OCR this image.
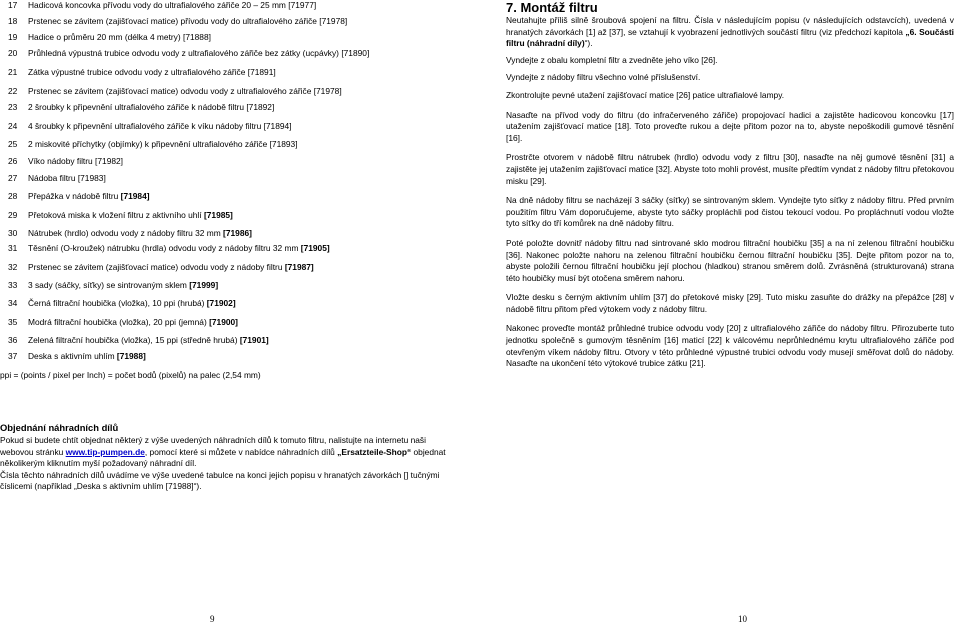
17 Hadicová koncovka přívodu vody do ultrafialového zářiče 20 – 25 mm [71977]
18 Prstenec se závitem (zajišťovací matice) přívodu vody do ultrafialového zářiče [71978]
19 Hadice o průměru 20 mm (délka 4 metry) [71888]
20 Průhledná výpustná trubice odvodu vody z ultrafialového zářiče bez zátky (ucpávky) [71890]
21 Zátka výpustné trubice odvodu vody z ultrafialového zářiče [71891]
22 Prstenec se závitem (zajišťovací matice) odvodu vody z ultrafialového zářiče [71978]
23 2 šroubky k připevnění ultrafialového zářiče k nádobě filtru [71892]
24 4 šroubky k připevnění ultrafialového zářiče k víku nádoby filtru [71894]
25 2 miskovité příchytky (objímky) k připevnění ultrafialového zářiče [71893]
26 Víko nádoby filtru [71982]
27 Nádoba filtru [71983]
28 Přepážka v nádobě filtru [71984]
29 Přetoková miska k vložení filtru z aktivního uhlí [71985]
30 Nátrubek (hrdlo) odvodu vody z nádoby filtru 32 mm [71986]
31 Těsnění (O-kroužek) nátrubku (hrdla) odvodu vody z nádoby filtru 32 mm [71905]
32 Prstenec se závitem (zajišťovací matice) odvodu vody z nádoby filtru [71987]
33 3 sady (sáčky, síťky) se sintrovaným sklem [71999]
34 Černá filtrační houbička (vložka), 10 ppi (hrubá) [71902]
35 Modrá filtrační houbička (vložka), 20 ppi (jemná) [71900]
36 Zelená filtrační houbička (vložka), 15 ppi (středně hrubá) [71901]
37 Deska s aktivním uhlím [71988]
ppi = (points / pixel per Inch) = počet bodů (pixelů) na palec (2,54 mm)
Objednání náhradních dílů

Pokud si budete chtít objednat některý z výše uvedených náhradních dílů k tomuto filtru, nalistujte na internetu naši webovou stránku www.tip-pumpen.de, pomocí které si můžete v nabídce náhradních dílů „Ersatzteile-Shop“ objednat několikerým kliknutím myší požadovaný náhradní díl.

Čísla těchto náhradních dílů uvádíme ve výše uvedené tabulce na konci jejich popisu v hranatých závorkách [] tučnými číslicemi (například „Deska s aktivním uhlím [71988]“).

7. Montáž filtru

Neutahujte příliš silně šroubová spojení na filtru. Čísla v následujícím popisu (v následujících odstavcích), uvedená v hranatých závorkách [1] až [37], se vztahují k vyobrazení jednotlivých součástí filtru (viz předchozí kapitola „6. Součásti filtru (náhradní díly)“).

Vyndejte z obalu kompletní filtr a zvedněte jeho víko [26].

Vyndejte z nádoby filtru všechno volné příslušenství.

Zkontrolujte pevné utažení zajišťovací matice [26] patice ultrafialové lampy.

Nasaďte na přívod vody do filtru (do infračerveného zářiče) propojovací hadici a zajistěte hadicovou koncovku [17] utažením zajišťovací matice [18]. Toto proveďte rukou a dejte přitom pozor na to, abyste nepoškodili gumové těsnění [16].

Prostrčte otvorem v nádobě filtru nátrubek (hrdlo) odvodu vody z filtru [30], nasaďte na něj gumové těsnění [31] a zajistěte jej utažením zajišťovací matice [32]. Abyste toto mohli provést, musíte předtím vyndat z nádoby filtru přetokovou misku [29].

Na dně nádoby filtru se nacházejí 3 sáčky (síťky) se sintrovaným sklem. Vyndejte tyto síťky z nádoby filtru. Před prvním použitím filtru Vám doporučujeme, abyste tyto sáčky propláchli pod čistou tekoucí vodou. Po propláchnutí vodou vložte tyto síťky do tří komůrek na dně nádoby filtru.

Poté položte dovnitř nádoby filtru nad sintrované sklo modrou filtrační houbičku [35] a na ní zelenou filtrační houbičku [36]. Nakonec položte nahoru na zelenou filtrační houbičku černou filtrační houbičku [35]. Dejte přitom pozor na to, abyste položili černou filtrační houbičku její plochou (hladkou) stranou směrem dolů. Zvrásněná (strukturovaná) strana této houbičky musí být otočena směrem nahoru.

Vložte desku s černým aktivním uhlím [37] do přetokové misky [29]. Tuto misku zasuňte do drážky na přepážce [28] v nádobě filtru přitom před výtokem vody z nádoby filtru.

Nakonec proveďte montáž průhledné trubice odvodu vody [20] z ultrafialového zářiče do nádoby filtru. Přirozuberte tuto jednotku společně s gumovým těsněním [16] maticí [22] k válcovému neprůhlednému krytu ultrafialového zářiče pod otevřeným víkem nádoby filtru. Otvory v této průhledné výpustné trubici odvodu vody musejí směřovat dolů do nádoby. Nasaďte na ukončení této výtokové trubice zátku [21].

9	10
